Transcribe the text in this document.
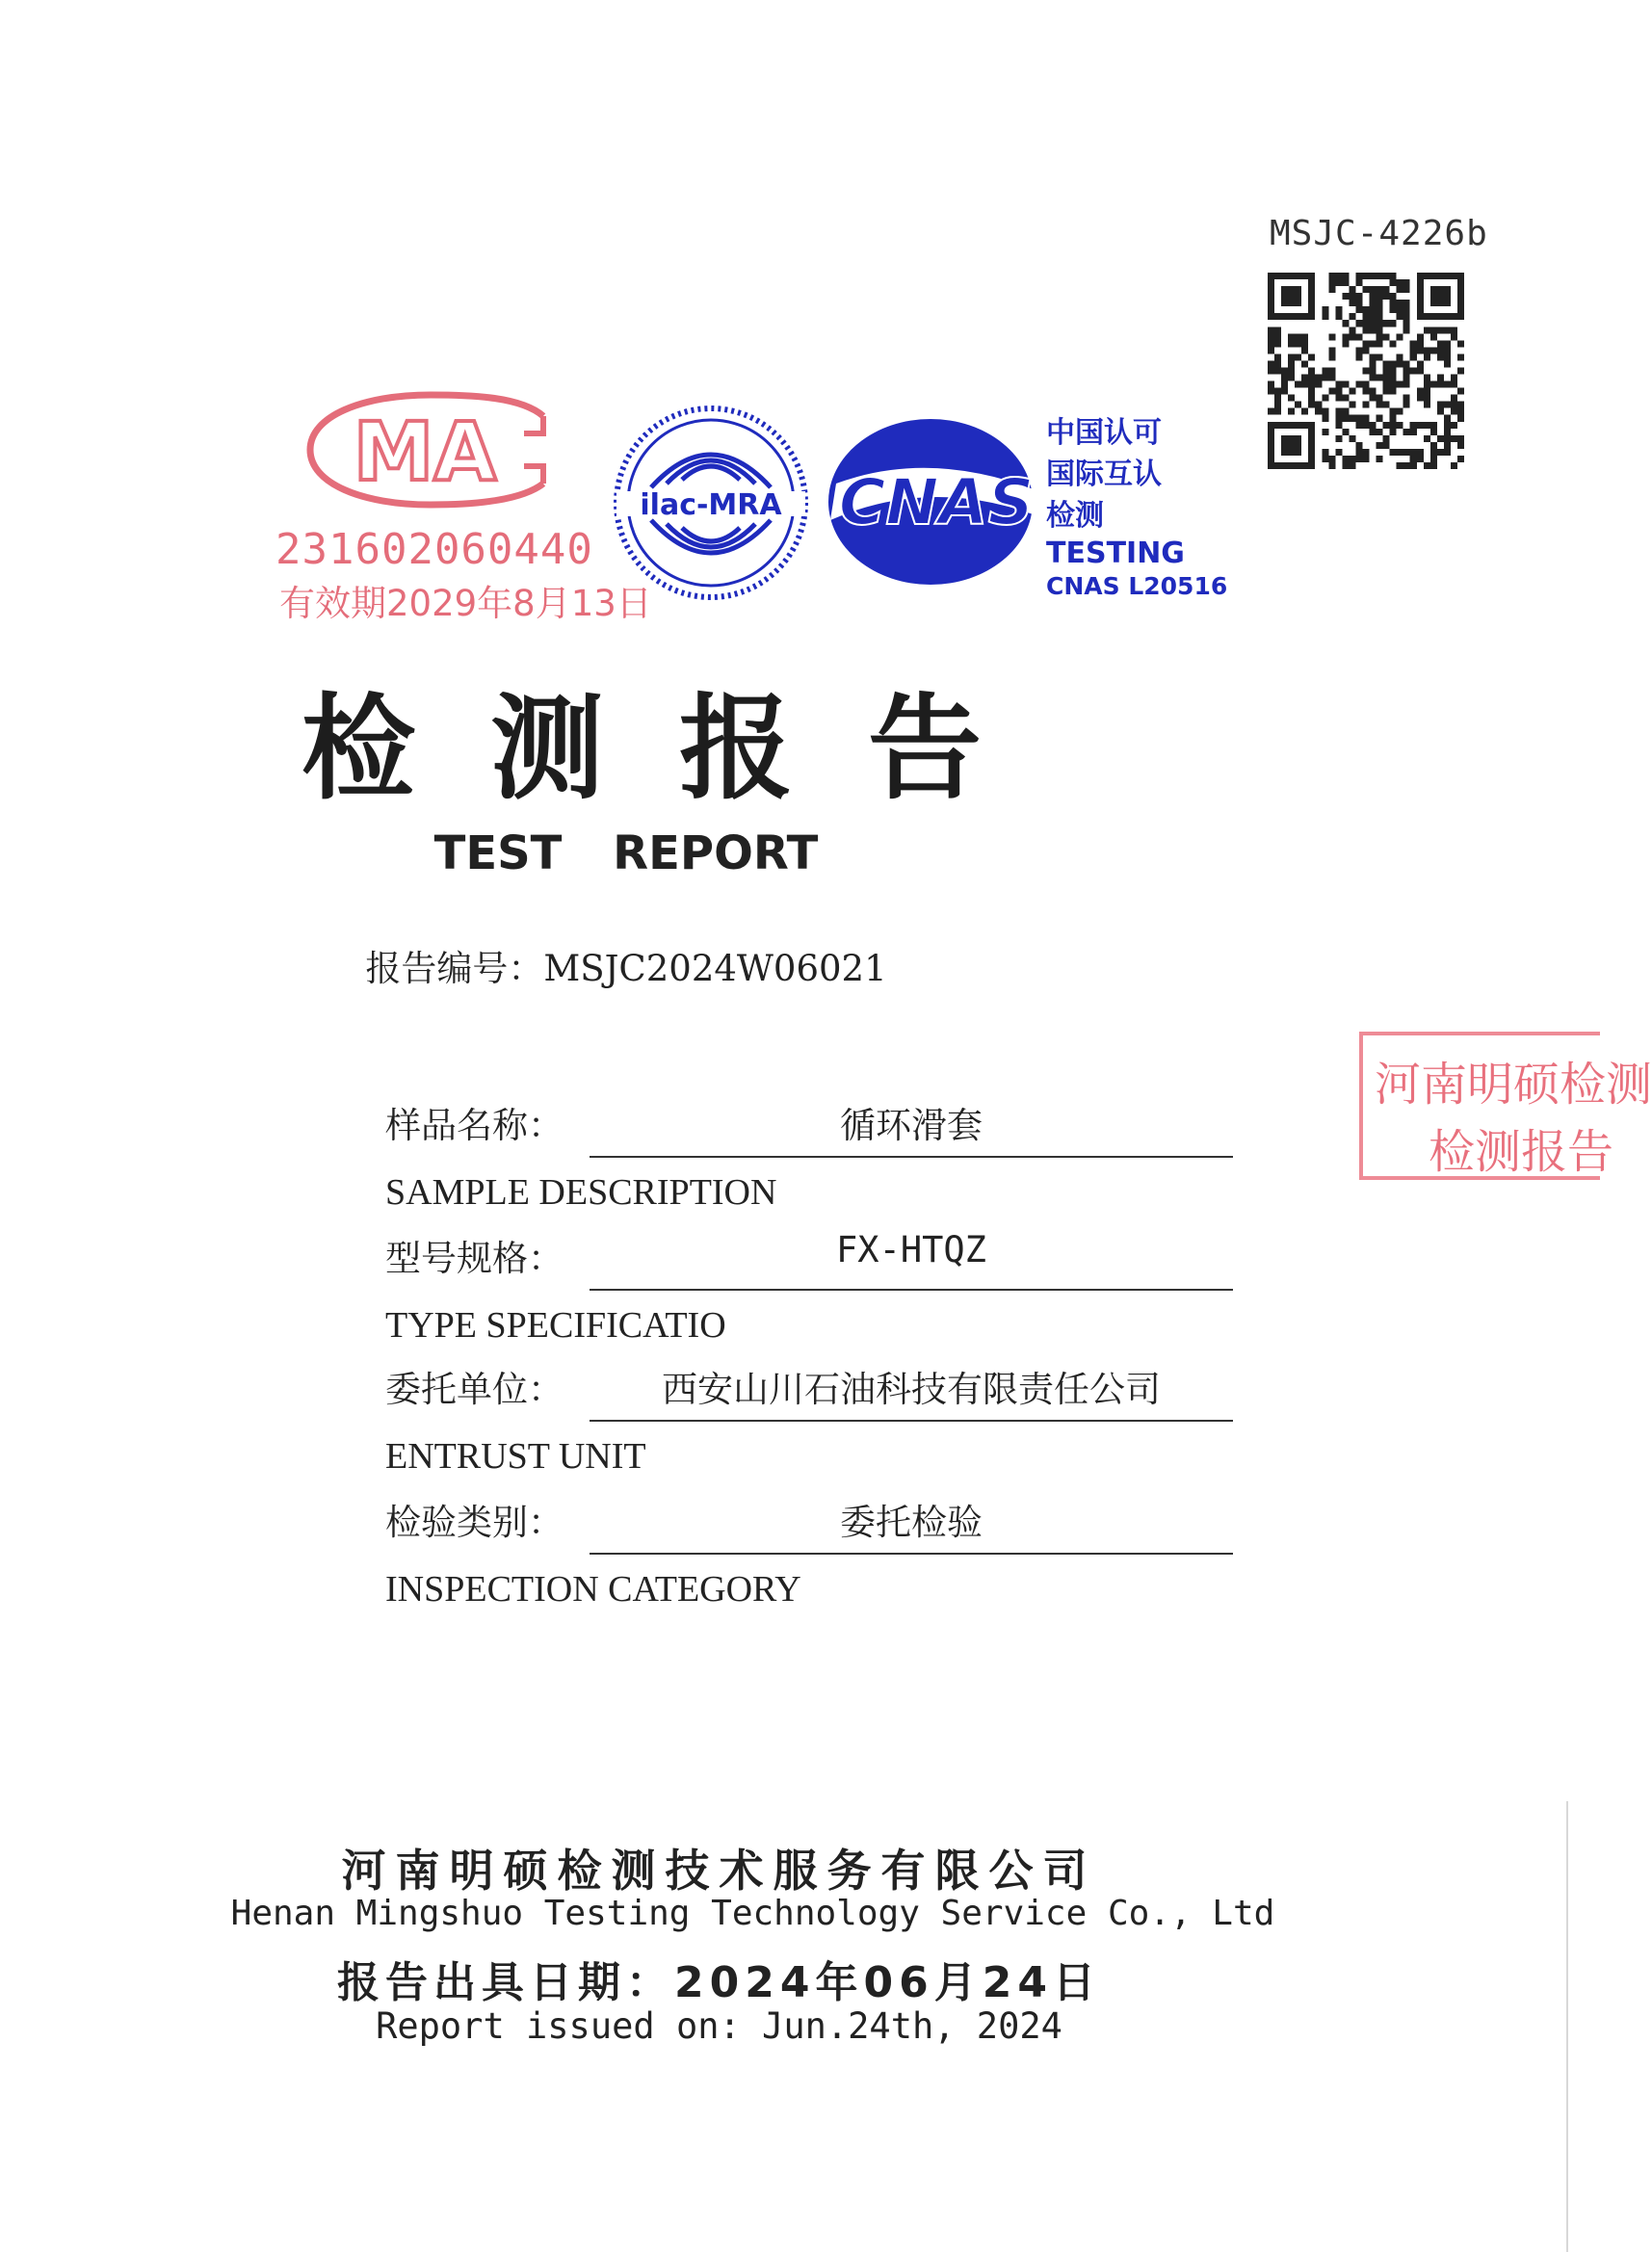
MSJC-4226b
MA
231602060440
有效期2029年8月13日
ilac-MRA CNAS
中国认可
国际互认
检测
TESTING
CNAS L20516
检测报告
TEST REPORT
报告编号：MSJC2024W06021
河南明硕检测
检测报告
样品名称：	循环滑套
SAMPLE DESCRIPTION
型号规格：	FX-HTQZ
TYPE SPECIFICATIO
委托单位：	西安山川石油科技有限责任公司
ENTRUST UNIT
检验类别：	委托检验
INSPECTION CATEGORY
河南明硕检测技术服务有限公司
Henan Mingshuo Testing Technology Service Co., Ltd
报告出具日期：2024年06月24日
Report issued on: Jun.24th, 2024
